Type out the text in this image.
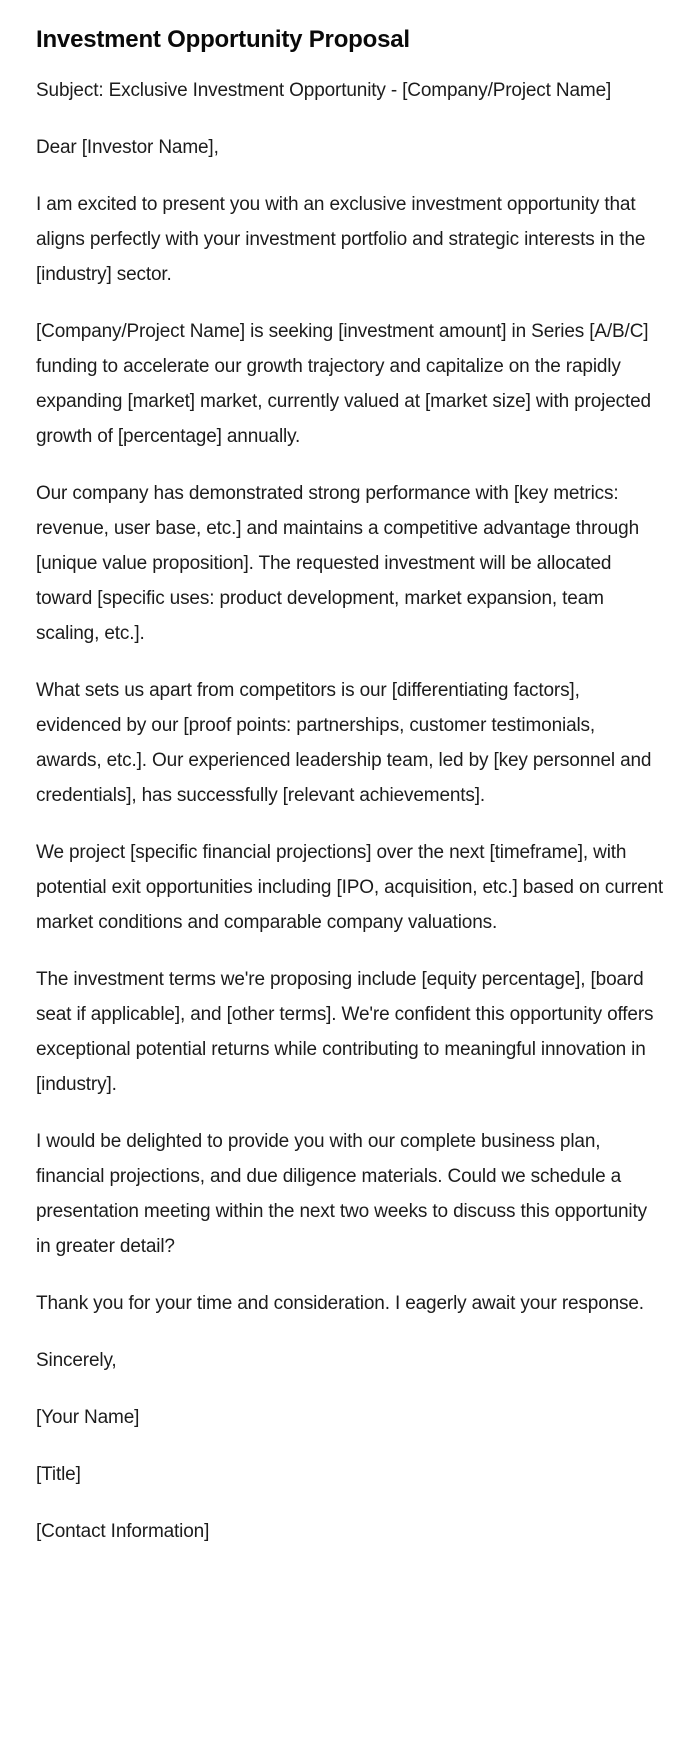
Investment Opportunity Proposal

Subject: Exclusive Investment Opportunity - [Company/Project Name]

Dear [Investor Name],

I am excited to present you with an exclusive investment opportunity that aligns perfectly with your investment portfolio and strategic interests in the [industry] sector.

[Company/Project Name] is seeking [investment amount] in Series [A/B/C] funding to accelerate our growth trajectory and capitalize on the rapidly expanding [market] market, currently valued at [market size] with projected growth of [percentage] annually.

Our company has demonstrated strong performance with [key metrics: revenue, user base, etc.] and maintains a competitive advantage through [unique value proposition]. The requested investment will be allocated toward [specific uses: product development, market expansion, team scaling, etc.].

What sets us apart from competitors is our [differentiating factors], evidenced by our [proof points: partnerships, customer testimonials, awards, etc.]. Our experienced leadership team, led by [key personnel and credentials], has successfully [relevant achievements].

We project [specific financial projections] over the next [timeframe], with potential exit opportunities including [IPO, acquisition, etc.] based on current market conditions and comparable company valuations.

The investment terms we're proposing include [equity percentage], [board seat if applicable], and [other terms]. We're confident this opportunity offers exceptional potential returns while contributing to meaningful innovation in [industry].

I would be delighted to provide you with our complete business plan, financial projections, and due diligence materials. Could we schedule a presentation meeting within the next two weeks to discuss this opportunity in greater detail?

Thank you for your time and consideration. I eagerly await your response.

Sincerely,

[Your Name]

[Title]

[Contact Information]
